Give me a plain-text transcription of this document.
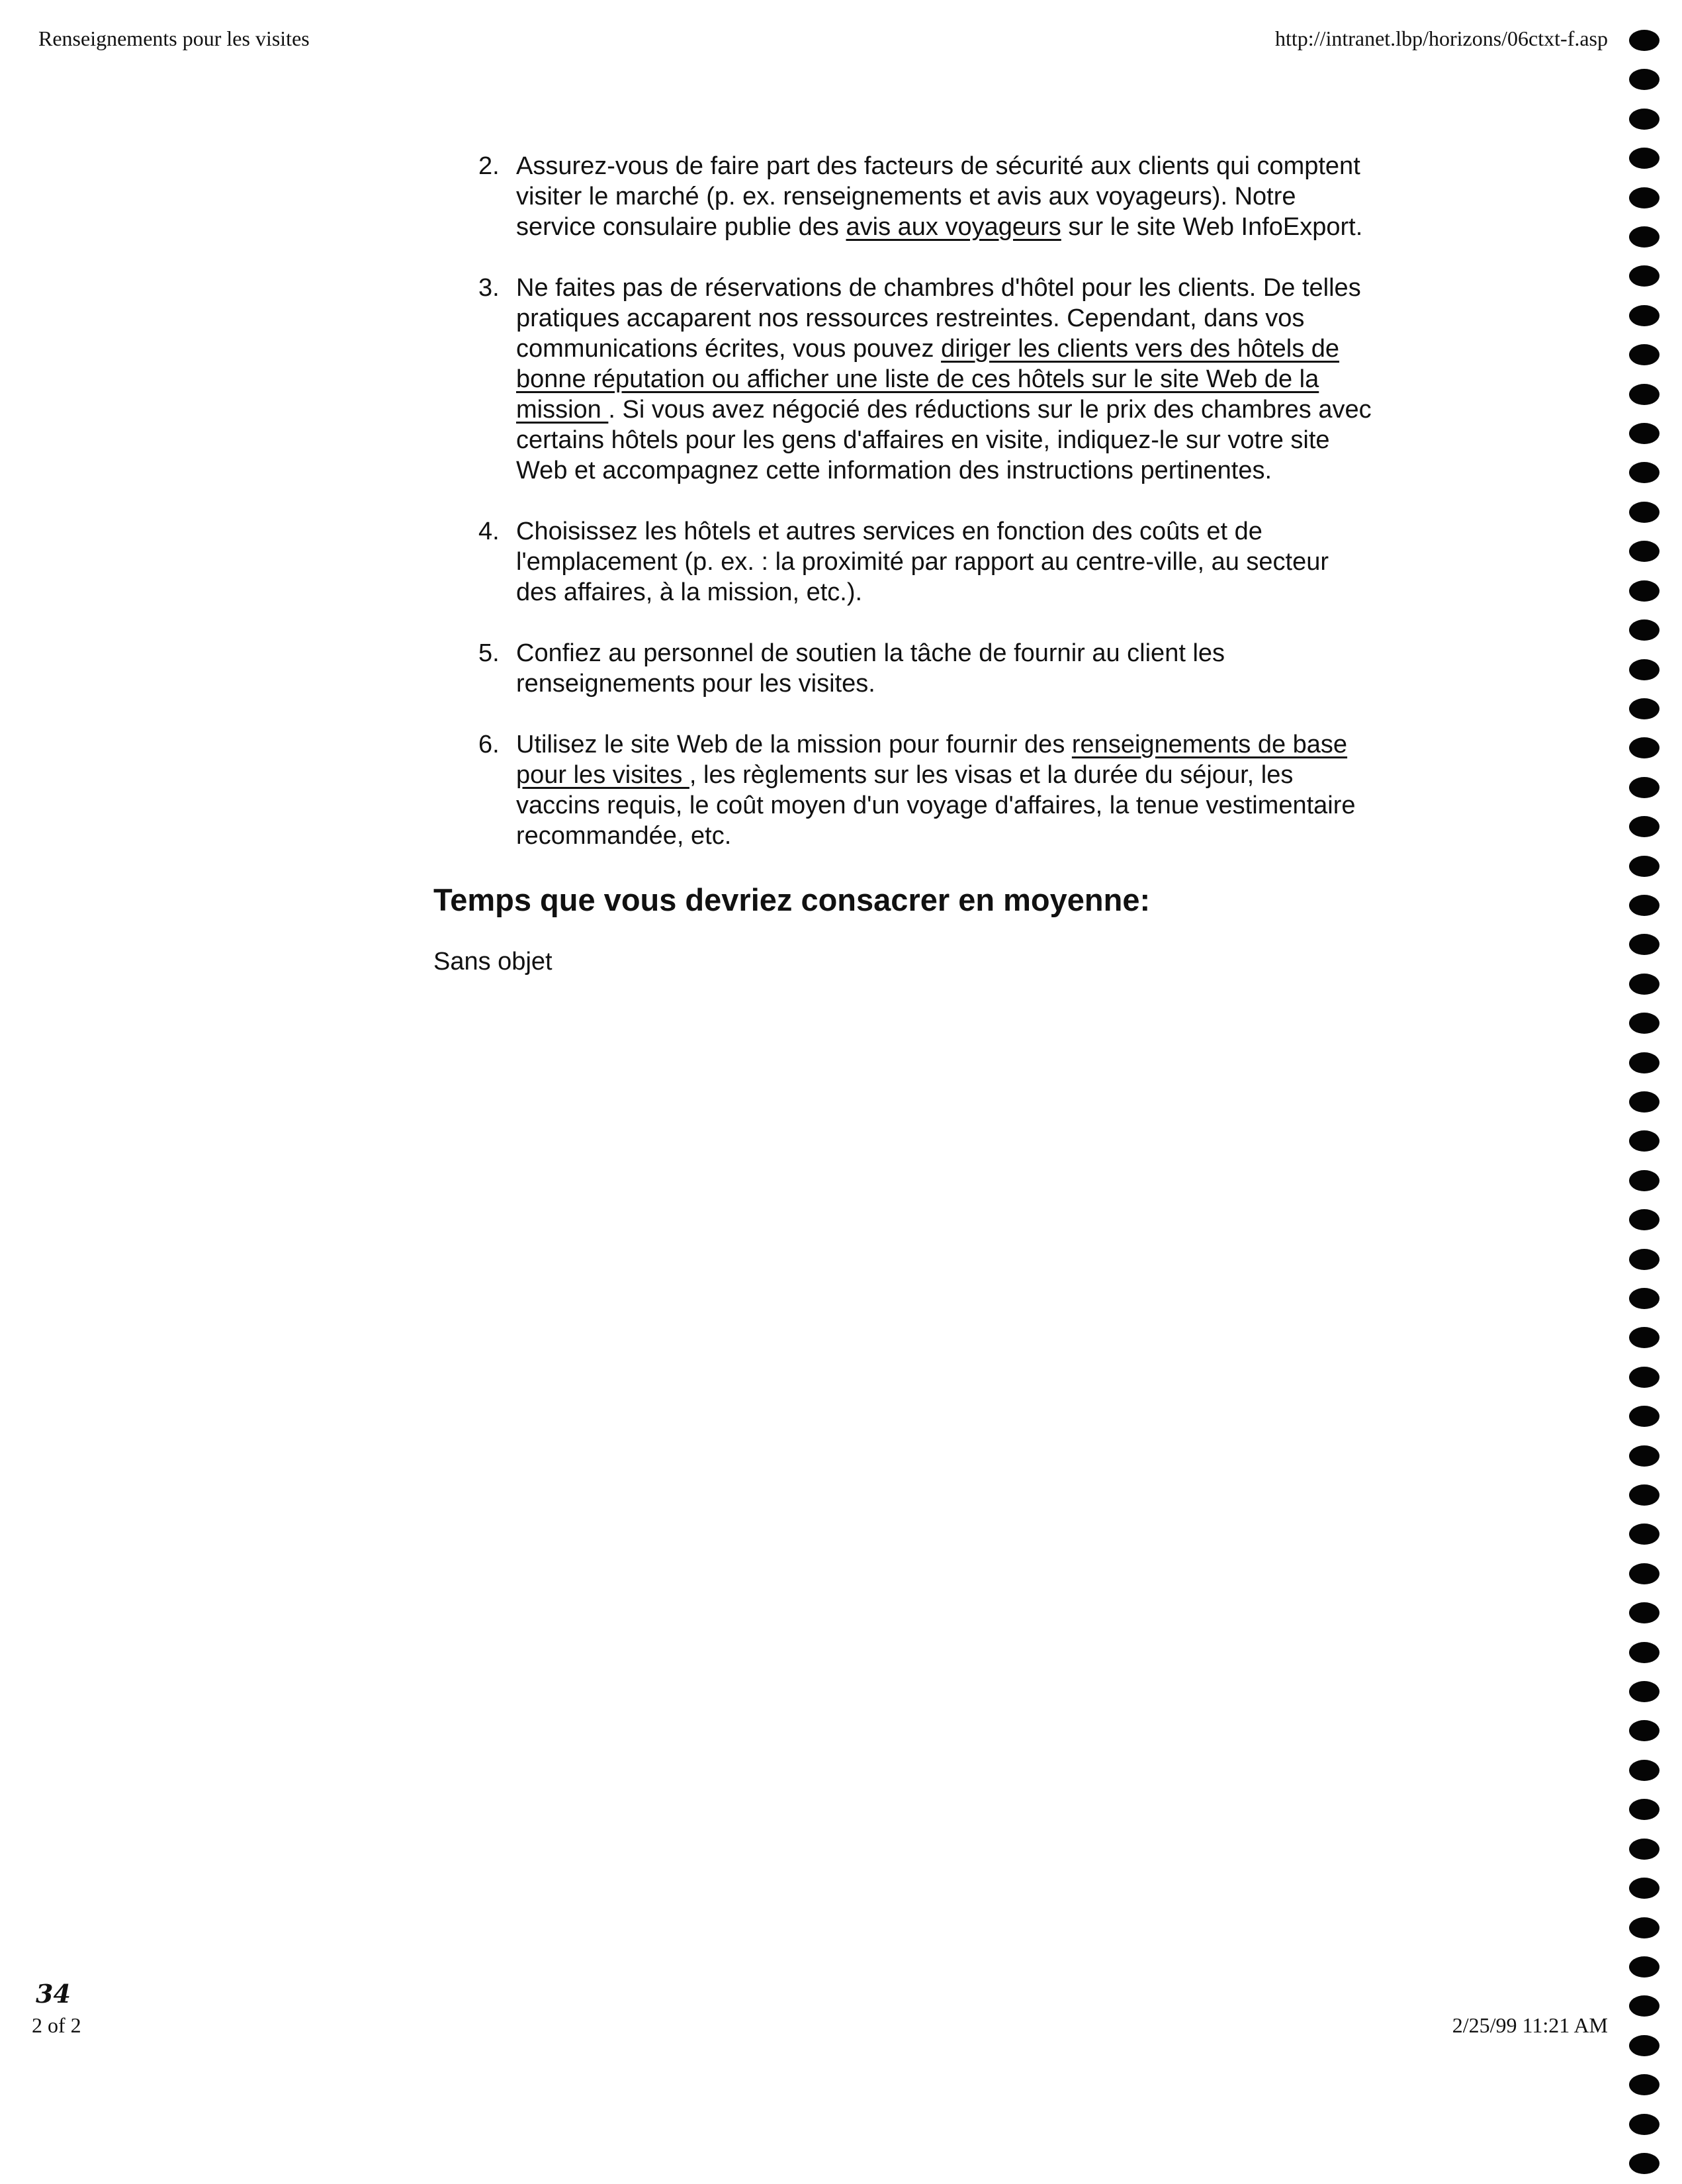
Renseignements pour les visites	http://intranet.lbp/horizons/06ctxt-f.asp
2. Assurez-vous de faire part des facteurs de sécurité aux clients qui comptent visiter le marché (p. ex. renseignements et avis aux voyageurs). Notre service consulaire publie des avis aux voyageurs sur le site Web InfoExport.
3. Ne faites pas de réservations de chambres d'hôtel pour les clients. De telles pratiques accaparent nos ressources restreintes. Cependant, dans vos communications écrites, vous pouvez diriger les clients vers des hôtels de bonne réputation ou afficher une liste de ces hôtels sur le site Web de la mission . Si vous avez négocié des réductions sur le prix des chambres avec certains hôtels pour les gens d'affaires en visite, indiquez-le sur votre site Web et accompagnez cette information des instructions pertinentes.
4. Choisissez les hôtels et autres services en fonction des coûts et de l'emplacement (p. ex. : la proximité par rapport au centre-ville, au secteur des affaires, à la mission, etc.).
5. Confiez au personnel de soutien la tâche de fournir au client les renseignements pour les visites.
6. Utilisez le site Web de la mission pour fournir des renseignements de base pour les visites , les règlements sur les visas et la durée du séjour, les vaccins requis, le coût moyen d'un voyage d'affaires, la tenue vestimentaire recommandée, etc.
Temps que vous devriez consacrer en moyenne:
Sans objet
34
2 of 2	2/25/99 11:21 AM
